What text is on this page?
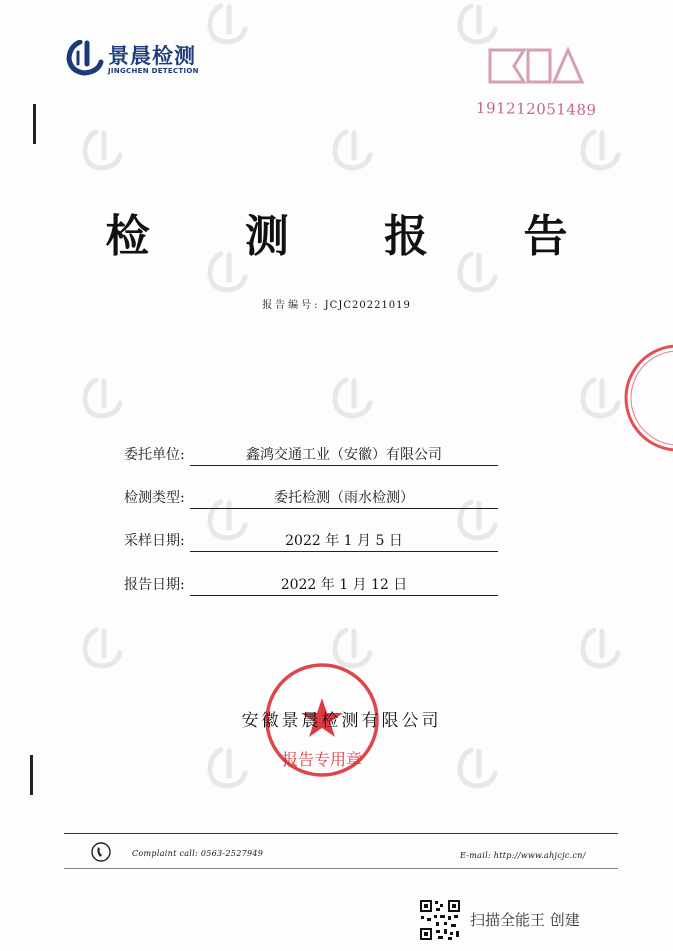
景晨检测
JINGCHEN DETECTION
191212051489
检 测 报 告
报告编号: JCJC20221019
委托单位:	鑫鸿交通工业（安徽）有限公司
检测类型:	委托检测（雨水检测）
采样日期:	2022 年 1 月 5 日
报告日期:	2022 年 1 月 12 日
报告专用章
安徽景晨检测有限公司
Complaint call: 0563-2527949	E-mail: http://www.ahjcjc.cn/
扫描全能王 创建
